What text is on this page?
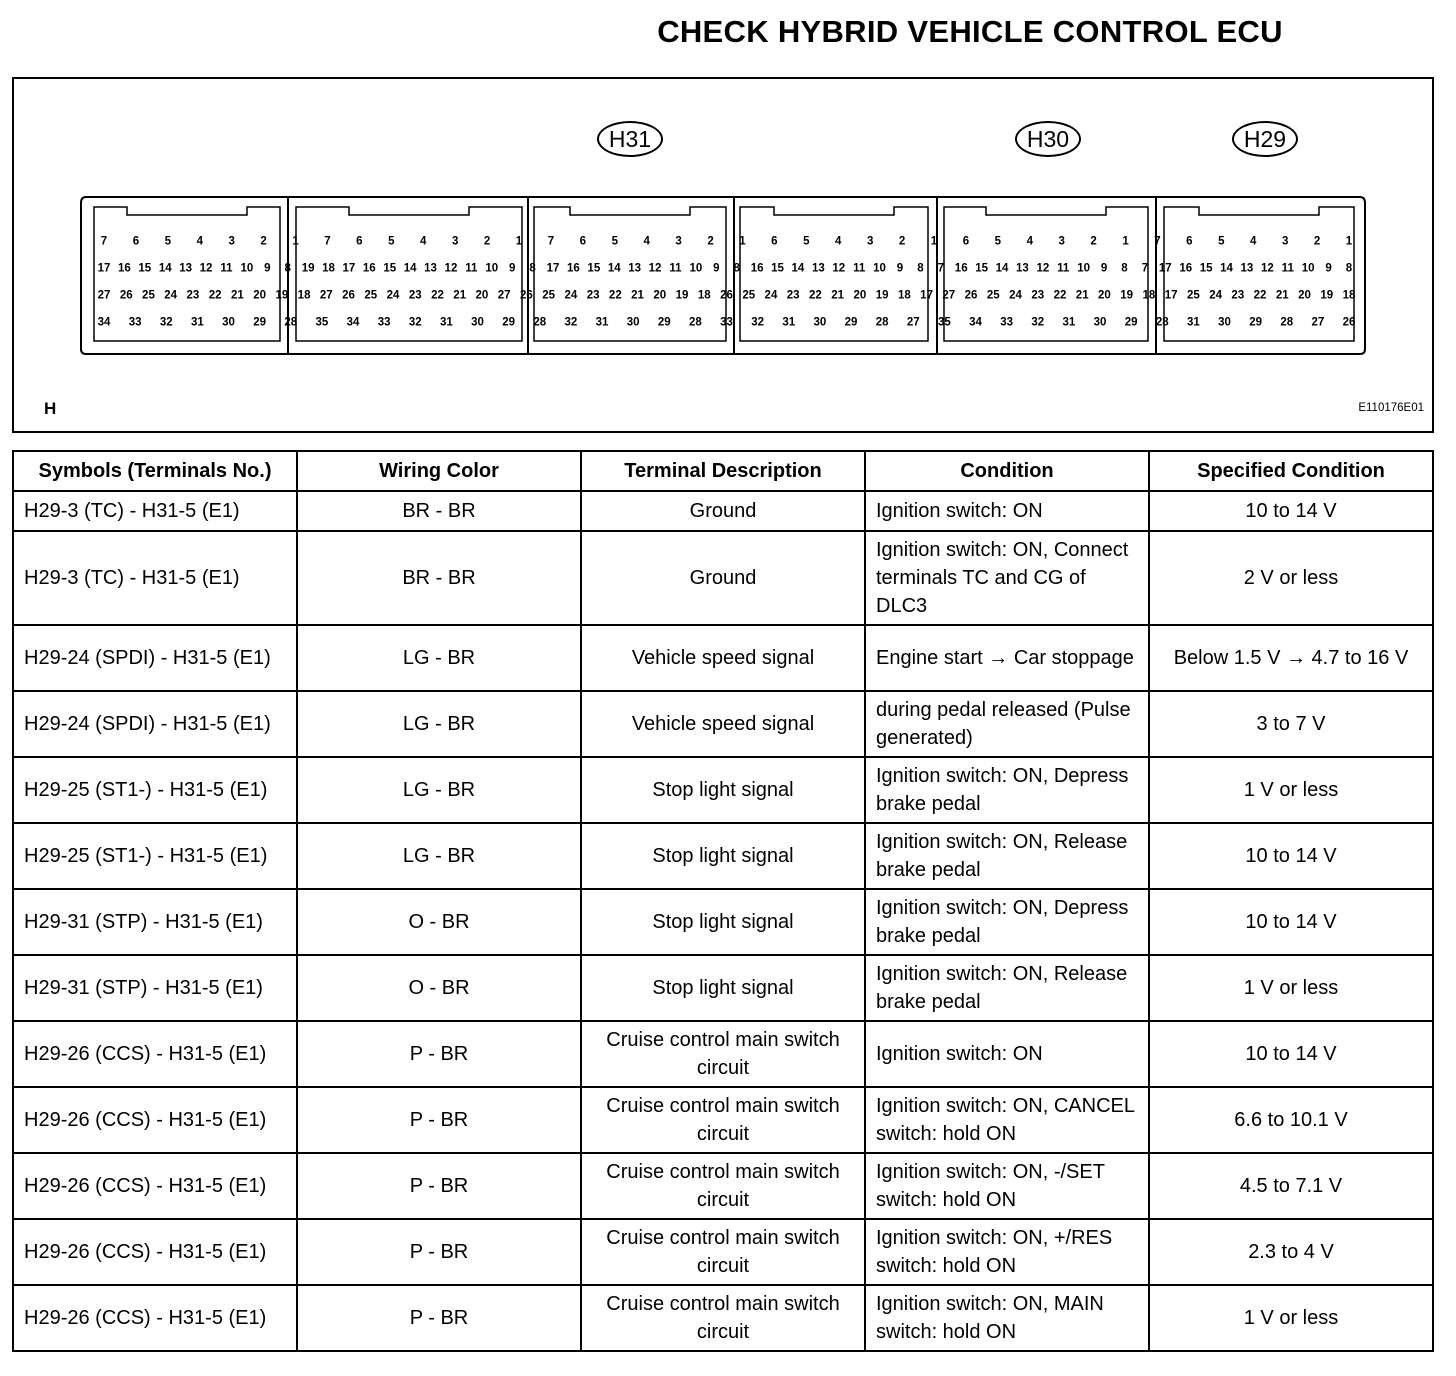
CHECK HYBRID VEHICLE CONTROL ECU
H31	H30	H29
7 6 5 4 3 2 1 7 6 5 4 3 2 1 7 6 5 4 3 2 1 6 5 4 3 2 1 6 5 4 3 2 1 7 6 5 4 3 2 1
17 16 15 14 13 12 11 10 9 8 19 18 17 16 15 14 13 12 11 10 9 8 17 16 15 14 13 12 11 10 9 8 16 15 14 13 12 11 10 9 8 7 16 15 14 13 12 11 10 9 8 7 17 16 15 14 13 12 11 10 9 8
27 26 25 24 23 22 21 20 19 18 27 26 25 24 23 22 21 20 27 26 25 24 23 22 21 20 19 18 26 25 24 23 22 21 20 19 18 17 27 26 25 24 23 22 21 20 19 18 17 25 24 23 22 21 20 19 18
34 33 32 31 30 29 28 35 34 33 32 31 30 29 28 32 31 30 29 28 33 32 31 30 29 28 27 35 34 33 32 31 30 29 28 31 30 29 28 27 26
H	E110176E01
Symbols (Terminals No.)	Wiring Color	Terminal Description	Condition	Specified Condition
H29-3 (TC) - H31-5 (E1)	BR - BR	Ground	Ignition switch: ON	10 to 14 V
H29-3 (TC) - H31-5 (E1)	BR - BR	Ground	Ignition switch: ON, Connect terminals TC and CG of DLC3	2 V or less
H29-24 (SPDI) - H31-5 (E1)	LG - BR	Vehicle speed signal	Engine start → Car stoppage	Below 1.5 V → 4.7 to 16 V
H29-24 (SPDI) - H31-5 (E1)	LG - BR	Vehicle speed signal	during pedal released (Pulse generated)	3 to 7 V
H29-25 (ST1-) - H31-5 (E1)	LG - BR	Stop light signal	Ignition switch: ON, Depress brake pedal	1 V or less
H29-25 (ST1-) - H31-5 (E1)	LG - BR	Stop light signal	Ignition switch: ON, Release brake pedal	10 to 14 V
H29-31 (STP) - H31-5 (E1)	O - BR	Stop light signal	Ignition switch: ON, Depress brake pedal	10 to 14 V
H29-31 (STP) - H31-5 (E1)	O - BR	Stop light signal	Ignition switch: ON, Release brake pedal	1 V or less
H29-26 (CCS) - H31-5 (E1)	P - BR	Cruise control main switch circuit	Ignition switch: ON	10 to 14 V
H29-26 (CCS) - H31-5 (E1)	P - BR	Cruise control main switch circuit	Ignition switch: ON, CANCEL switch: hold ON	6.6 to 10.1 V
H29-26 (CCS) - H31-5 (E1)	P - BR	Cruise control main switch circuit	Ignition switch: ON, -/SET switch: hold ON	4.5 to 7.1 V
H29-26 (CCS) - H31-5 (E1)	P - BR	Cruise control main switch circuit	Ignition switch: ON, +/RES switch: hold ON	2.3 to 4 V
H29-26 (CCS) - H31-5 (E1)	P - BR	Cruise control main switch circuit	Ignition switch: ON, MAIN switch: hold ON	1 V or less
